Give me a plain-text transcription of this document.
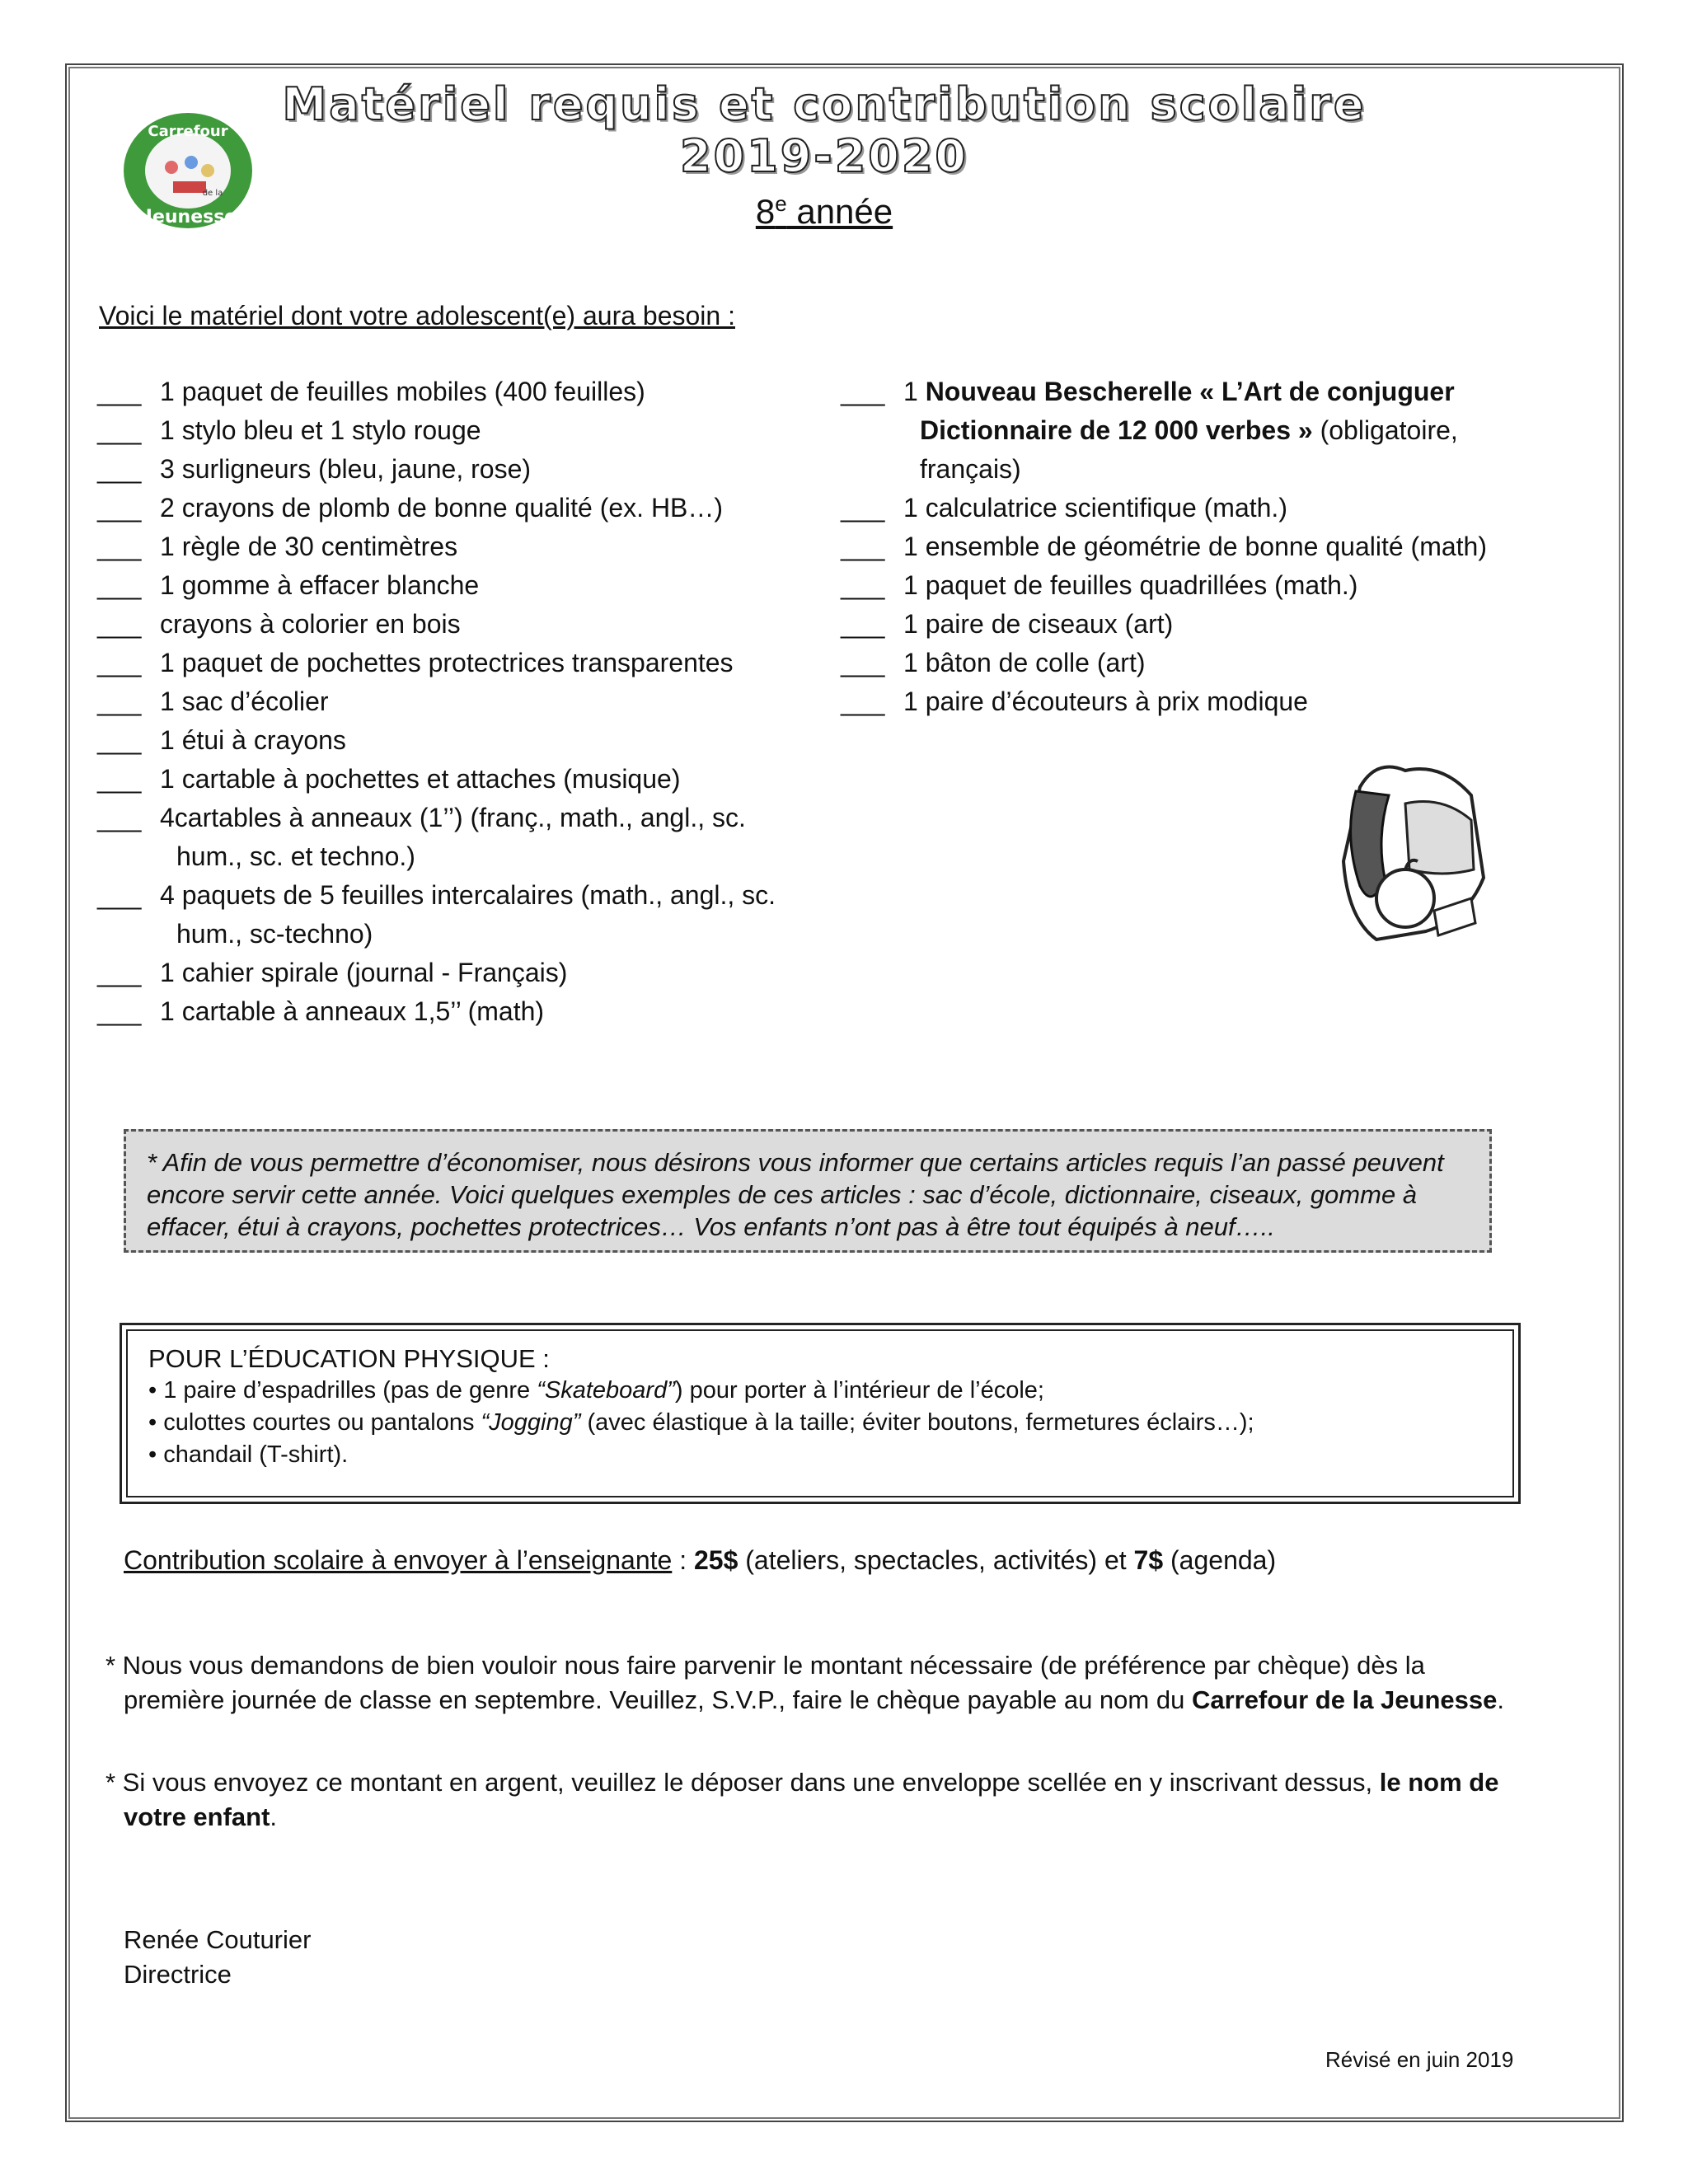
Carrefour
de la
Jeunesse
Matériel requis et contribution scolaire
2019-2020
8e année
Voici le matériel dont votre adolescent(e) aura besoin :
___ 1 paquet de feuilles mobiles (400 feuilles)
___ 1 stylo bleu et 1 stylo rouge
___ 3 surligneurs (bleu, jaune, rose)
___ 2 crayons de plomb de bonne qualité (ex. HB…)
___ 1 règle de 30 centimètres
___ 1 gomme à effacer blanche
___ crayons à colorier en bois
___ 1 paquet de pochettes protectrices transparentes
___ 1 sac d’écolier
___ 1 étui à crayons
___ 1 cartable à pochettes et attaches (musique)
___ 4cartables à anneaux (1’’) (franç., math., angl., sc.
hum., sc. et techno.)
___ 4 paquets de 5 feuilles intercalaires (math., angl., sc.
hum., sc-techno)
___ 1 cahier spirale (journal - Français)
___ 1 cartable à anneaux 1,5’’ (math)
___ 1 Nouveau Bescherelle « L’Art de conjuguer
Dictionnaire de 12 000 verbes » (obligatoire,
français)
___ 1 calculatrice scientifique (math.)
___ 1 ensemble de géométrie de bonne qualité (math)
___ 1 paquet de feuilles quadrillées (math.)
___ 1 paire de ciseaux (art)
___ 1 bâton de colle (art)
___ 1 paire d’écouteurs à prix modique
* Afin de vous permettre d’économiser, nous désirons vous informer que certains articles requis l’an passé peuvent
encore servir cette année. Voici quelques exemples de ces articles : sac d’école, dictionnaire, ciseaux, gomme à
effacer, étui à crayons, pochettes protectrices… Vos enfants n’ont pas à être tout équipés à neuf…..
POUR L’ÉDUCATION PHYSIQUE :
• 1 paire d’espadrilles (pas de genre “Skateboard”) pour porter à l’intérieur de l’école;
• culottes courtes ou pantalons “Jogging” (avec élastique à la taille; éviter boutons, fermetures éclairs…);
• chandail (T-shirt).
Contribution scolaire à envoyer à l’enseignante : 25$ (ateliers, spectacles, activités) et 7$ (agenda)
* Nous vous demandons de bien vouloir nous faire parvenir le montant nécessaire (de préférence par chèque) dès la
première journée de classe en septembre. Veuillez, S.V.P., faire le chèque payable au nom du Carrefour de la Jeunesse.
* Si vous envoyez ce montant en argent, veuillez le déposer dans une enveloppe scellée en y inscrivant dessus, le nom de
votre enfant.
Renée Couturier
Directrice
Révisé en juin 2019
